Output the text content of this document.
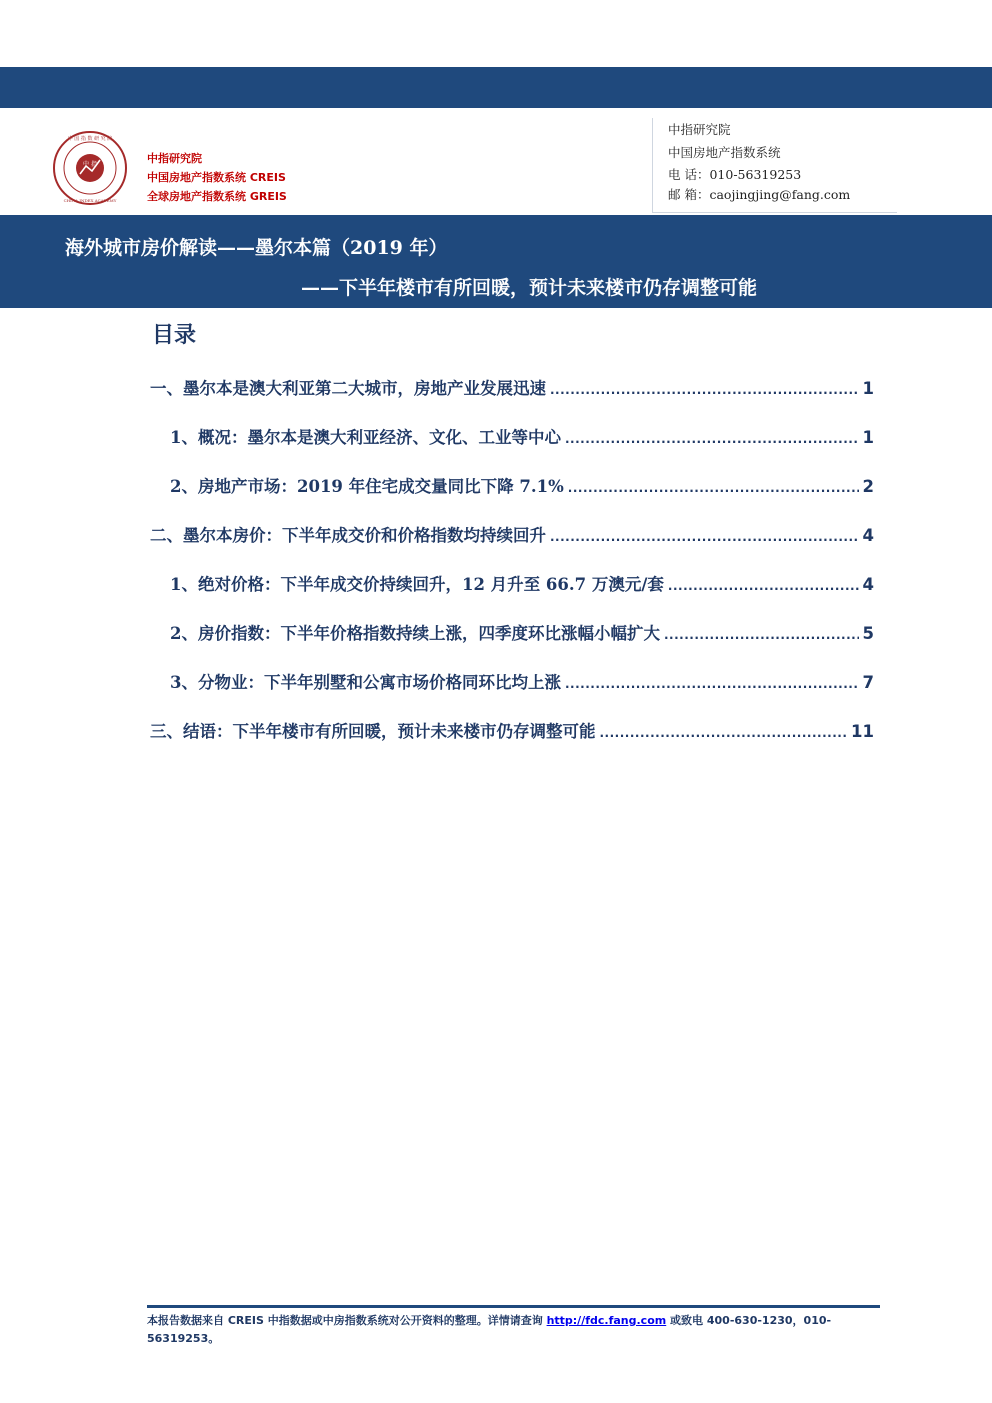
中 指
中 国 指 数 研 究 院
CHINA INDEX ACADEMY
中指研究院
中国房地产指数系统 CREIS
全球房地产指数系统 GREIS
中指研究院
中国房地产指数系统
电 话：010-56319253
邮 箱：caojingjing@fang.com
海外城市房价解读——墨尔本篇（2019 年）
——下半年楼市有所回暖，预计未来楼市仍存调整可能
目录
一、墨尔本是澳大利亚第二大城市，房地产业发展迅速 .....	1
1、概况：墨尔本是澳大利亚经济、文化、工业等中心 .....	1
2、房地产市场：2019 年住宅成交量同比下降 7.1% .....	2
二、墨尔本房价：下半年成交价和价格指数均持续回升 .....	4
1、绝对价格：下半年成交价持续回升，12 月升至 66.7 万澳元/套 .....	4
2、房价指数：下半年价格指数持续上涨，四季度环比涨幅小幅扩大 .....	5
3、分物业：下半年别墅和公寓市场价格同环比均上涨 .....	7
三、结语：下半年楼市有所回暖，预计未来楼市仍存调整可能 .....	11
本报告数据来自 CREIS 中指数据或中房指数系统对公开资料的整理。详情请查询 http://fdc.fang.com 或致电 400-630-1230，010-56319253。
